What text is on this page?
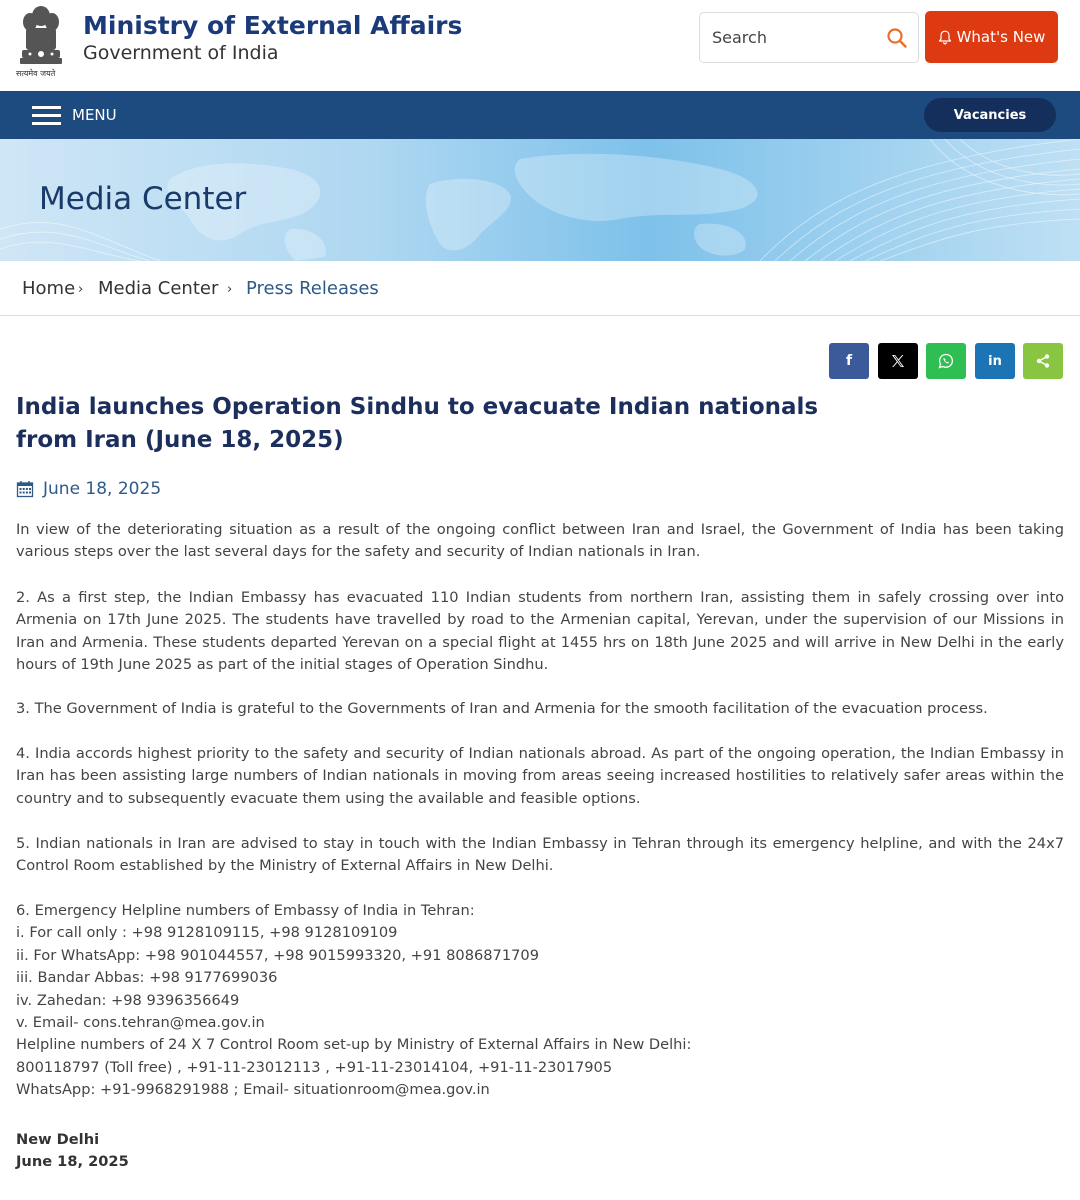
सत्यमेव जयते
Ministry of External Affairs
Government of India
Search
What's New
MENU	Vacancies
Media Center
Home › Media Center › Press Releases
f	in
India launches Operation Sindhu to evacuate Indian nationals from Iran (June 18, 2025)
June 18, 2025

In view of the deteriorating situation as a result of the ongoing conflict between Iran and Israel, the Government of India has been taking various steps over the last several days for the safety and security of Indian nationals in Iran.

2. As a first step, the Indian Embassy has evacuated 110 Indian students from northern Iran, assisting them in safely crossing over into Armenia on 17th June 2025. The students have travelled by road to the Armenian capital, Yerevan, under the supervision of our Missions in Iran and Armenia. These students departed Yerevan on a special flight at 1455 hrs on 18th June 2025 and will arrive in New Delhi in the early hours of 19th June 2025 as part of the initial stages of Operation Sindhu.

3. The Government of India is grateful to the Governments of Iran and Armenia for the smooth facilitation of the evacuation process.

4. India accords highest priority to the safety and security of Indian nationals abroad. As part of the ongoing operation, the Indian Embassy in Iran has been assisting large numbers of Indian nationals in moving from areas seeing increased hostilities to relatively safer areas within the country and to subsequently evacuate them using the available and feasible options.

5. Indian nationals in Iran are advised to stay in touch with the Indian Embassy in Tehran through its emergency helpline, and with the 24x7 Control Room established by the Ministry of External Affairs in New Delhi.

6. Emergency Helpline numbers of Embassy of India in Tehran:
i. For call only : +98 9128109115, +98 9128109109
ii. For WhatsApp: +98 901044557, +98 9015993320, +91 8086871709
iii. Bandar Abbas: +98 9177699036
iv. Zahedan: +98 9396356649
v. Email- cons.tehran@mea.gov.in
Helpline numbers of 24 X 7 Control Room set-up by Ministry of External Affairs in New Delhi:
800118797 (Toll free) , +91-11-23012113 , +91-11-23014104, +91-11-23017905
WhatsApp: +91-9968291988 ; Email- situationroom@mea.gov.in
New Delhi
June 18, 2025
